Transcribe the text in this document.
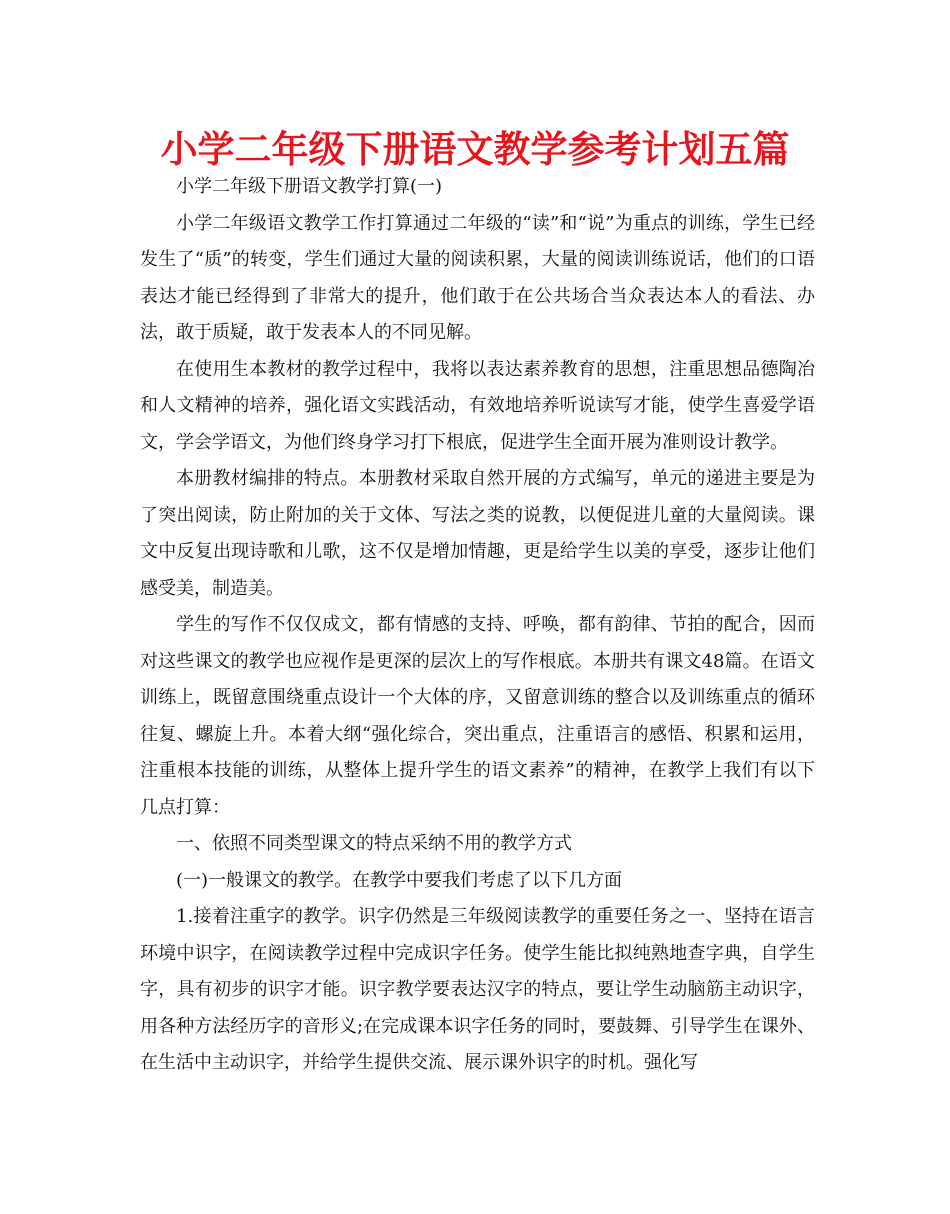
小学二年级下册语文教学参考计划五篇

小学二年级下册语文教学打算(一)

小学二年级语文教学工作打算通过二年级的“读”和“说”为重点的训练，学生已经发生了“质”的转变，学生们通过大量的阅读积累，大量的阅读训练说话，他们的口语表达才能已经得到了非常大的提升，他们敢于在公共场合当众表达本人的看法、办法，敢于质疑，敢于发表本人的不同见解。

在使用生本教材的教学过程中，我将以表达素养教育的思想，注重思想品德陶冶和人文精神的培养，强化语文实践活动，有效地培养听说读写才能，使学生喜爱学语文，学会学语文，为他们终身学习打下根底，促进学生全面开展为准则设计教学。

本册教材编排的特点。本册教材采取自然开展的方式编写，单元的递进主要是为了突出阅读，防止附加的关于文体、写法之类的说教，以便促进儿童的大量阅读。课文中反复出现诗歌和儿歌，这不仅是增加情趣，更是给学生以美的享受，逐步让他们感受美，制造美。

学生的写作不仅仅成文，都有情感的支持、呼唤，都有韵律、节拍的配合，因而对这些课文的教学也应视作是更深的层次上的写作根底。本册共有课文48篇。在语文训练上，既留意围绕重点设计一个大体的序，又留意训练的整合以及训练重点的循环往复、螺旋上升。本着大纲“强化综合，突出重点，注重语言的感悟、积累和运用，注重根本技能的训练，从整体上提升学生的语文素养”的精神，在教学上我们有以下几点打算：

一、依照不同类型课文的特点采纳不用的教学方式

(一)一般课文的教学。在教学中要我们考虑了以下几方面

1.接着注重字的教学。识字仍然是三年级阅读教学的重要任务之一、坚持在语言环境中识字，在阅读教学过程中完成识字任务。使学生能比拟纯熟地查字典，自学生字，具有初步的识字才能。识字教学要表达汉字的特点，要让学生动脑筋主动识字，用各种方法经历字的音形义;在完成课本识字任务的同时，要鼓舞、引导学生在课外、在生活中主动识字，并给学生提供交流、展示课外识字的时机。强化写
